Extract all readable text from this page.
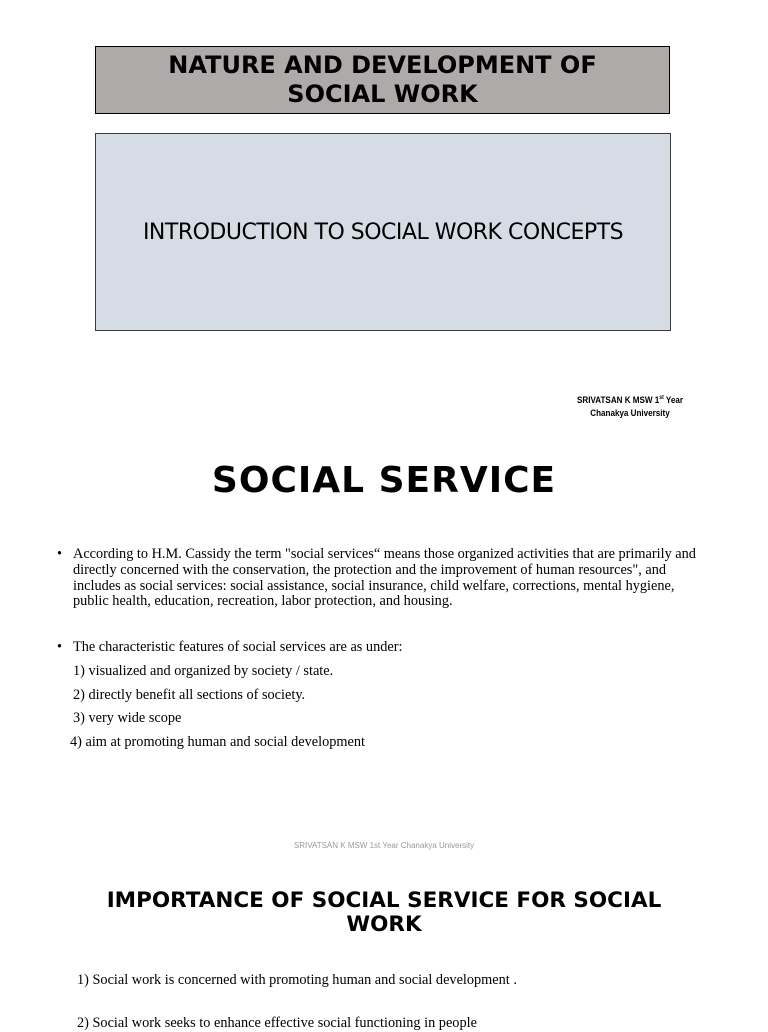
NATURE AND DEVELOPMENT OF
SOCIAL WORK
INTRODUCTION TO SOCIAL WORK CONCEPTS
SRIVATSAN K MSW 1st Year
Chanakya University
SOCIAL SERVICE
• According to H.M. Cassidy the term "social services“ means those organized activities that are primarily and directly concerned with the conservation, the protection and the improvement of human resources", and includes as social services: social assistance, social insurance, child welfare, corrections, mental hygiene, public health, education, recreation, labor protection, and housing.
• The characteristic features of social services are as under:
1) visualized and organized by society / state.
2) directly benefit all sections of society.
3) very wide scope
4) aim at promoting human and social development
SRIVATSAN K MSW 1st Year Chanakya University
IMPORTANCE OF SOCIAL SERVICE FOR SOCIAL
WORK
1) Social work is concerned with promoting human and social development .
2) Social work seeks to enhance effective social functioning in people
